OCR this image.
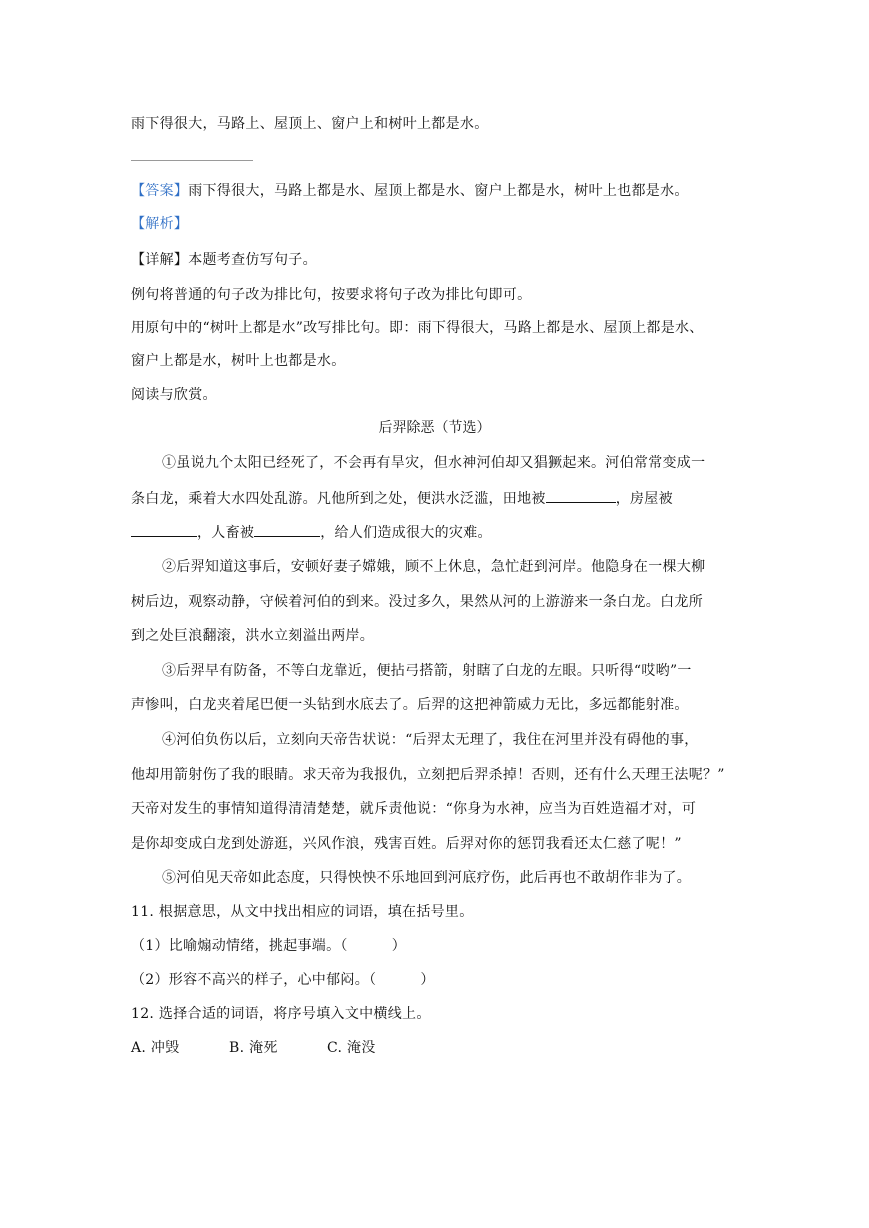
雨下得很大，马路上、屋顶上、窗户上和树叶上都是水。
【答案】雨下得很大，马路上都是水、屋顶上都是水、窗户上都是水，树叶上也都是水。
【解析】
【详解】本题考查仿写句子。
例句将普通的句子改为排比句，按要求将句子改为排比句即可。
用原句中的“树叶上都是水”改写排比句。即：雨下得很大，马路上都是水、屋顶上都是水、
窗户上都是水，树叶上也都是水。
阅读与欣赏。
后羿除恶（节选）
①虽说九个太阳已经死了，不会再有旱灾，但水神河伯却又猖獗起来。河伯常常变成一
条白龙，乘着大水四处乱游。凡他所到之处，便洪水泛滥，田地被	，房屋被
，人畜被	，给人们造成很大的灾难。
②后羿知道这事后，安顿好妻子嫦娥，顾不上休息，急忙赶到河岸。他隐身在一棵大柳
树后边，观察动静，守候着河伯的到来。没过多久，果然从河的上游游来一条白龙。白龙所
到之处巨浪翻滚，洪水立刻溢出两岸。
③后羿早有防备，不等白龙靠近，便拈弓搭箭，射瞎了白龙的左眼。只听得“哎哟”一
声惨叫，白龙夹着尾巴便一头钻到水底去了。后羿的这把神箭威力无比，多远都能射准。
④河伯负伤以后，立刻向天帝告状说：“后羿太无理了，我住在河里并没有碍他的事，
他却用箭射伤了我的眼睛。求天帝为我报仇，立刻把后羿杀掉！否则，还有什么天理王法呢？”
天帝对发生的事情知道得清清楚楚，就斥责他说：“你身为水神，应当为百姓造福才对，可
是你却变成白龙到处游逛，兴风作浪，残害百姓。后羿对你的惩罚我看还太仁慈了呢！”
⑤河伯见天帝如此态度，只得怏怏不乐地回到河底疗伤，此后再也不敢胡作非为了。
11. 根据意思，从文中找出相应的词语，填在括号里。
（1）比喻煽动情绪，挑起事端。（	）
（2）形容不高兴的样子，心中郁闷。（	）
12. 选择合适的词语，将序号填入文中横线上。
A. 冲毁	B. 淹死	C. 淹没
